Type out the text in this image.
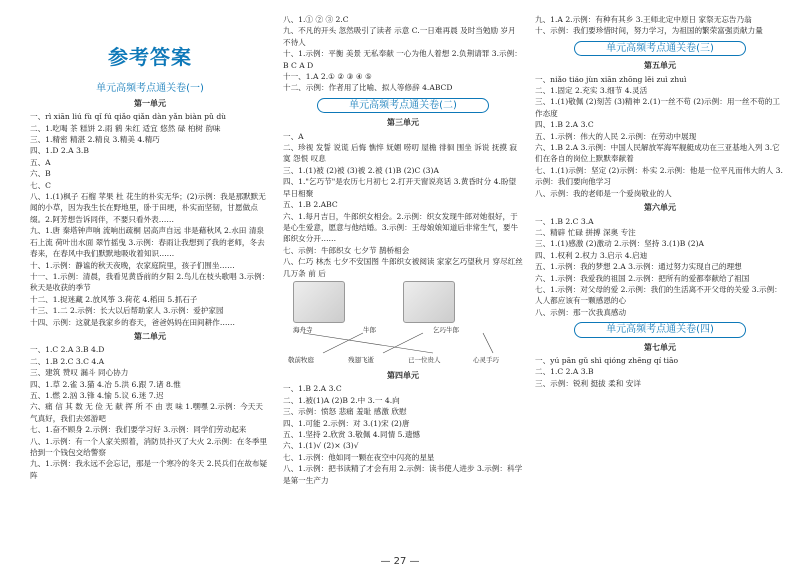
参考答案
单元高频考点通关卷(一)
第一单元
一、rì xiān liú fù qǐ fú qiǎo qiǎn dàn yǎn biàn pǔ dù
二、1.吃喝 茶 糕饼 2.雨 鹤 朱红 适宜 悠然 碌 柏树 韵味
三、1.精密 精湛 2.精良 3.精美 4.精巧
四、1.D 2.A 3.B
五、A
六、B
七、C
八、1.(1)枫子 石榴 苹果 杜 花生的朴实无华；(2)示例：我是那默默无闻的小草，因为我生长在野地里，卧于田埂，朴实而坚韧，甘愿做点缀。2.阿芳想告诉同伴，不要只看外表……
九、1.唐 秦塔钟声响 流响出疏桐 居高声自远 非是藉秋风 2.水田 清泉石上流 荷叶出水面 翠竹摇曳 3.示例：春雨让我想到了我的老师，冬去春来，在春风中我们默默地吸收着知识……
十、1.示例：静谧的秋天夜晚，农家庭院里，孩子们围坐……
十一、1.示例：清晨，我看见黄昏前的夕阳 2.鸟儿在枝头歌唱 3.示例：秋天是收获的季节
十二、1.捉迷藏 2.放风筝 3.荷花 4.稻田 5.抓石子
十三、1.二 2.示例：长大以后帮助家人 3.示例：爱护家园
十四、示例：这就是我家乡的春天，爸爸妈妈在田间耕作……
第二单元
一、1.C 2.A 3.B 4.D
二、1.B 2.C 3.C 4.A
三、建筑 赞叹 漏斗 同心协力
四、1.草 2.雀 3.猫 4.冶 5.洪 6.跟 7.诸 8.惟
五、1.燃 2.汹 3.锋 4.愉 5.议 6.迷 7.迟
六、痛 信 其 数 无 俭 无 献 挥 所 不 由 衷 味 1.嘿嘿 2.示例：今天天气真好，我们去郊游吧
七、1.奋不顾身 2.示例：我们要学习好 3.示例：同学们劳动起来
八、1.示例：有一个人家关照着，消防员扑灭了大火 2.示例：在冬季里拾到一个钱包交给警察
九、1.示例：我永远不会忘记，那是一个寒冷的冬天 2.民兵们在故布疑阵
八、1.① ② ③ 2.C
九、不凡的开头 忽然吸引了读者 示意 C.一日难再晨 及时当勉励 岁月不待人
十、1.示例：平衡 美景 无私奉献 一心为他人着想 2.负荆请罪 3.示例：B C A D
十一、1.A 2.① ② ③ ④ ⑤
十二、示例：作者用了比喻、拟人等修辞 4.ABCD
单元高频考点通关卷(二)
第三单元
一、A
二、珍视 发誓 说谎 后悔 憔悴 妩媚 唠叨 屋檐 徘徊 围坐 诉说 抚摸 寂寞 怨恨 叹息
三、1.(1)被 (2)被 (3)被 2.被 (1)B (2)C (3)A
四、1."乞巧节"是农历七月初七 2.打开天窗说亮话 3.黄昏时分 4.盼望早日相聚
五、1.B 2.ABC
六、1.每月吉日，牛郎织女相会。2.示例：织女发现牛郎对她很好，于是心生爱意，愿意与他结婚。3.示例：王母娘娘知道后非常生气，要牛郎织女分开……
七、示例：牛郎织女 七夕节 鹊桥相会
八、仁巧 林杰 七夕不安国图 牛郎织女被阅读 家家乞巧望秋月 穿尽红丝几万条 前 后
海舟寺	牛郎	乞巧牛郎
敬前牧庭	残翅飞逝	已一位贵人	心灵手巧
第四单元
一、1.B 2.A 3.C
二、1.被(1)A (2)B 2.中 3.一 4.向
三、示例：愤怒 悲痛 羞耻 感激 欣慰
四、1.可能 2.示例：对 3.(1)宋 (2)唐
五、1.坚持 2.欣赏 3.敬佩 4.同情 5.遗憾
六、1.(1)√ (2)× (3)√
七、1.示例：他如同一颗在夜空中闪亮的星星
八、1.示例：把书读精了才会有用 2.示例：读书使人进步 3.示例：科学是第一生产力
九、1.A 2.示例：有种有其乡 3.王师北定中原日 家祭无忘告乃翁
十、示例：我们要珍惜时间，努力学习，为祖国的繁荣富强贡献力量
单元高频考点通关卷(三)
第五单元
一、niǎo tiáo jùn xiān zhōng lěi zuì zhuì
二、1.固定 2.充实 3.细节 4.灵活
三、1.(1)敬佩 (2)刻苦 (3)精神 2.(1)一丝不苟 (2)示例：用一丝不苟的工作态度
四、1.B 2.A 3.C
五、1.示例：伟大的人民 2.示例：在劳动中展现
六、1.B 2.A 3.示例：中国人民解放军海军舰艇成功在三亚基地入列 3.它们在各自的岗位上默默奉献着
七、1.(1)示例：坚定 (2)示例：朴实 2.示例：他是一位平凡而伟大的人 3.示例：我们要向他学习
八、示例：我的老师是一个爱岗敬业的人
第六单元
一、1.B 2.C 3.A
二、精辟 忙碌 拼搏 深奥 专注
三、1.(1)感激 (2)激动 2.示例：坚持 3.(1)B (2)A
四、1.权利 2.权力 3.启示 4.启迪
五、1.示例：我的梦想 2.A 3.示例：通过努力实现自己的理想
六、1.示例：我爱我的祖国 2.示例：把所有的爱都奉献给了祖国
七、1.示例：对父母的爱 2.示例：我们的生活离不开父母的关爱 3.示例：人人都应该有一颗感恩的心
八、示例：那一次我真感动
单元高频考点通关卷(四)
第七单元
一、yú pān gǔ shì qióng zhēng qí tiāo
二、1.C 2.A 3.B
三、示例：锐利 挺拔 柔和 安详
— 27 —
